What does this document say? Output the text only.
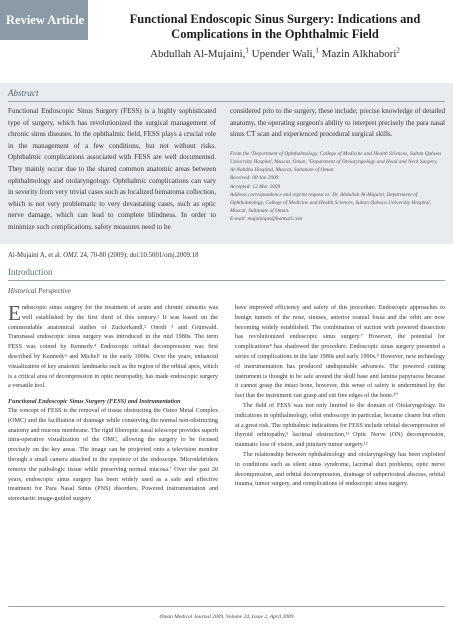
Review Article	Functional Endoscopic Sinus Surgery: Indications and
Complications in the Ophthalmic Field
Abdullah Al-Mujaini,$^1$ Upender Wali,$^1$ Mazin Alkhabori$^2$
Abstract
Functional Endoscopic Sinus Surgery (FESS) is a highly sophisticated type of surgery, which has revolutionized the surgical management of chronic sinus diseases. In the ophthalmic field, FESS plays a crucial role in the management of a few conditions, but not without risks. Ophthalmic complications associated with FESS are well documented. They mainly occur due to the shared common anatomic areas between ophthalmology and otolaryngology. Ophthalmic complications can vary in severity from very trivial cases such as localized hematoma collection, which is not very problematic to very devastating cases, such as optic nerve damage, which can lead to complete blindness. In order to minimize such complications, safety measures need to be
considered prio to the surgery, these include; precise knowledge of detailed anatomy, the operating surgeon's ability to interpret precisely the para nasal sinus CT scan and experienced procedural surgical skills.
From the ¹Department of Ophthalmology, College of Medicine and Health Sciences, Sultan Qaboos University Hospital, Muscat, Oman, ²Department of Otolaryngology and Head and Neck Surgery, Al-Nahdha Hospital, Muscat, Sultanate of Oman.
Received: 08 Jan 2009
Accepted: 12 Mar 2009
Address correspondence and reprint request to: Dr. Abdullah Al-Mujaini, Department of Ophthalmology, College of Medicine and Health Sciences, Sultan Qaboos University Hospital, Muscat, Sultanate of Oman.
E-mail: mujainiqus@hotmail.com
Al-Mujaini A, et al. OMJ. 24, 70-80 (2009); doi:10.5001/omj.2009.18
Introduction
Historical Perspective

Endoscopic sinus surgery for the treatment of acute and chronic sinusitis was well established by the first third of this century.¹ It was based on the commendable anatomical studies of Zuckerkandl,² Onodi ³ and Grünwald. Transnasal endoscopic sinus surgery was introduced in the mid 1980s. The term FESS was coined by Kennedy.⁴ Endoscopic orbital decompression was first described by Kennedy⁵ and Michel⁶ in the early 1990s. Over the years, enhanced visualization of key anatomic landmarks such as the region of the orbital apex, which is a critical area of decompression in optic neuropathy, has made endoscopic surgery a versatile tool.

Functional Endoscopic Sinus Surgery (FESS) and Instrumentation

The concept of FESS is the removal of tissue obstructing the Osteo Metal Complex (OMC) and the facilitation of drainage while conserving the normal non-obstructing anatomy and mucous membrane. The rigid fiberoptic nasal telescope provides superb intra-operative visualization of the OMC, allowing the surgery to be focused precisely on the key areas. The image can be projected onto a television monitor through a small camera attached to the eyepiece of the endoscope. Microdebriders remove the pathologic tissue while preserving normal mucosa.⁷ Over the past 20 years, endoscopic sinus surgery has been widely used as a safe and effective treatment for Para Nasal Sinus (PNS) disorders. Powered instrumentation and stereotactic image-guided surgery

have improved efficiency and safety of this procedure. Endoscopic approaches to benign tumors of the nose, sinuses, anterior cranial fossa and the orbit are now becoming widely established. The combination of suction with powered dissection has revolutionized endoscopic sinus surgery.⁷ However, the potential for complications⁸ has shadowed the procedure. Endoscopic sinus surgery presented a series of complications in the late 1980s and early 1990s.⁹ However, new technology of instrumentation has produced undisputable advances. The powered cutting instrument is thought to be safe around the skull base and lamina papyracea because it cannot grasp the intact bone, however, this sense of safety is undermined by the fact that the instrument can grasp and cut free edges of the bone.¹⁰

The field of FESS was not only limited to the domain of Otolaryngology. Its indications in ophthalmology, orbit endoscopy in particular, became clearer but often at a great risk. The ophthalmic indications for FESS include orbital decompression of thyroid orbitopathy,⁵ lacrimal obstruction,¹¹ Optic Nerve (ON) decompression, traumatic loss of vision, and pituitary tumor surgery.¹²

The relationship between ophthalmology and otolaryngology has been exploited in conditions such as silent sinus syndrome, lacrimal duct problems, optic nerve decompression, and orbital decompression, drainage of subperiosteal abscess, orbital trauma, tumor surgery, and complications of endoscopic sinus surgery.

Oman Medical Journal 2009, Volume 24, Issue 2, April 2009
